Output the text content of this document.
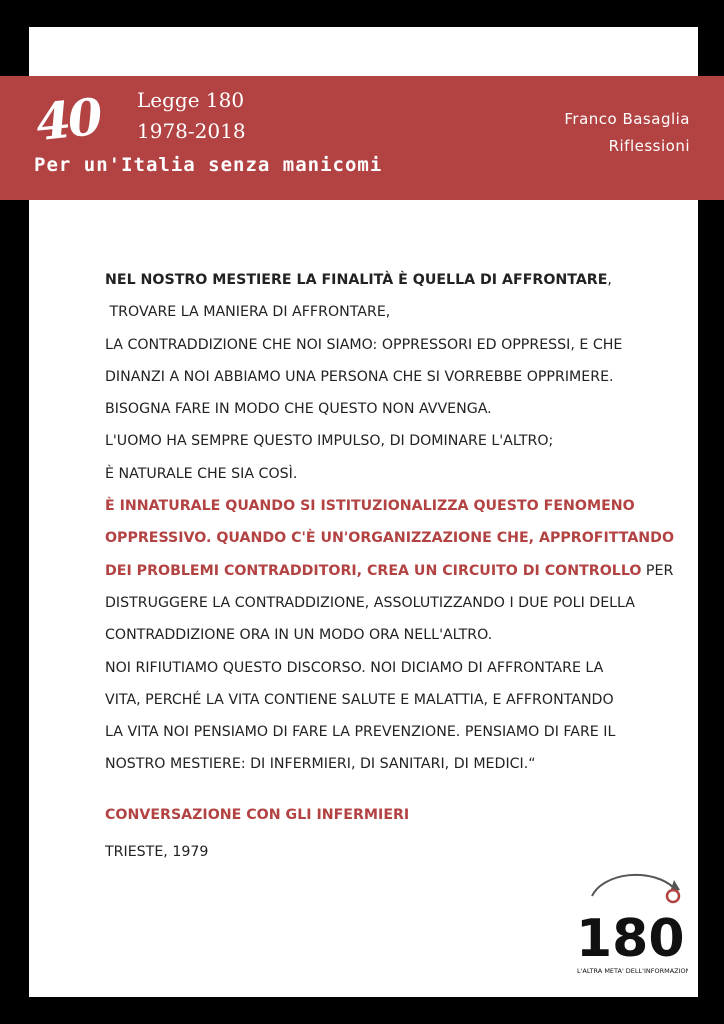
40 Legge 180
1978-2018
Per un'Italia senza manicomi
Franco Basaglia
Riflessioni
NEL NOSTRO MESTIERE LA FINALITÀ È QUELLA DI AFFRONTARE,
TROVARE LA MANIERA DI AFFRONTARE,
LA CONTRADDIZIONE CHE NOI SIAMO: OPPRESSORI ED OPPRESSI, E CHE
DINANZI A NOI ABBIAMO UNA PERSONA CHE SI VORREBBE OPPRIMERE.
BISOGNA FARE IN MODO CHE QUESTO NON AVVENGA.
L'UOMO HA SEMPRE QUESTO IMPULSO, DI DOMINARE L'ALTRO;
È NATURALE CHE SIA COSÌ.
È INNATURALE QUANDO SI ISTITUZIONALIZZA QUESTO FENOMENO
OPPRESSIVO. QUANDO C'È UN'ORGANIZZAZIONE CHE, APPROFITTANDO
DEI PROBLEMI CONTRADDITORI, CREA UN CIRCUITO DI CONTROLLO PER
DISTRUGGERE LA CONTRADDIZIONE, ASSOLUTIZZANDO I DUE POLI DELLA
CONTRADDIZIONE ORA IN UN MODO ORA NELL'ALTRO.
NOI RIFIUTIAMO QUESTO DISCORSO. NOI DICIAMO DI AFFRONTARE LA
VITA, PERCHÉ LA VITA CONTIENE SALUTE E MALATTIA, E AFFRONTANDO
LA VITA NOI PENSIAMO DI FARE LA PREVENZIONE. PENSIAMO DI FARE IL
NOSTRO MESTIERE: DI INFERMIERI, DI SANITARI, DI MEDICI.“
CONVERSAZIONE CON GLI INFERMIERI
TRIESTE, 1979
180
L'ALTRA META' DELL'INFORMAZIONE
